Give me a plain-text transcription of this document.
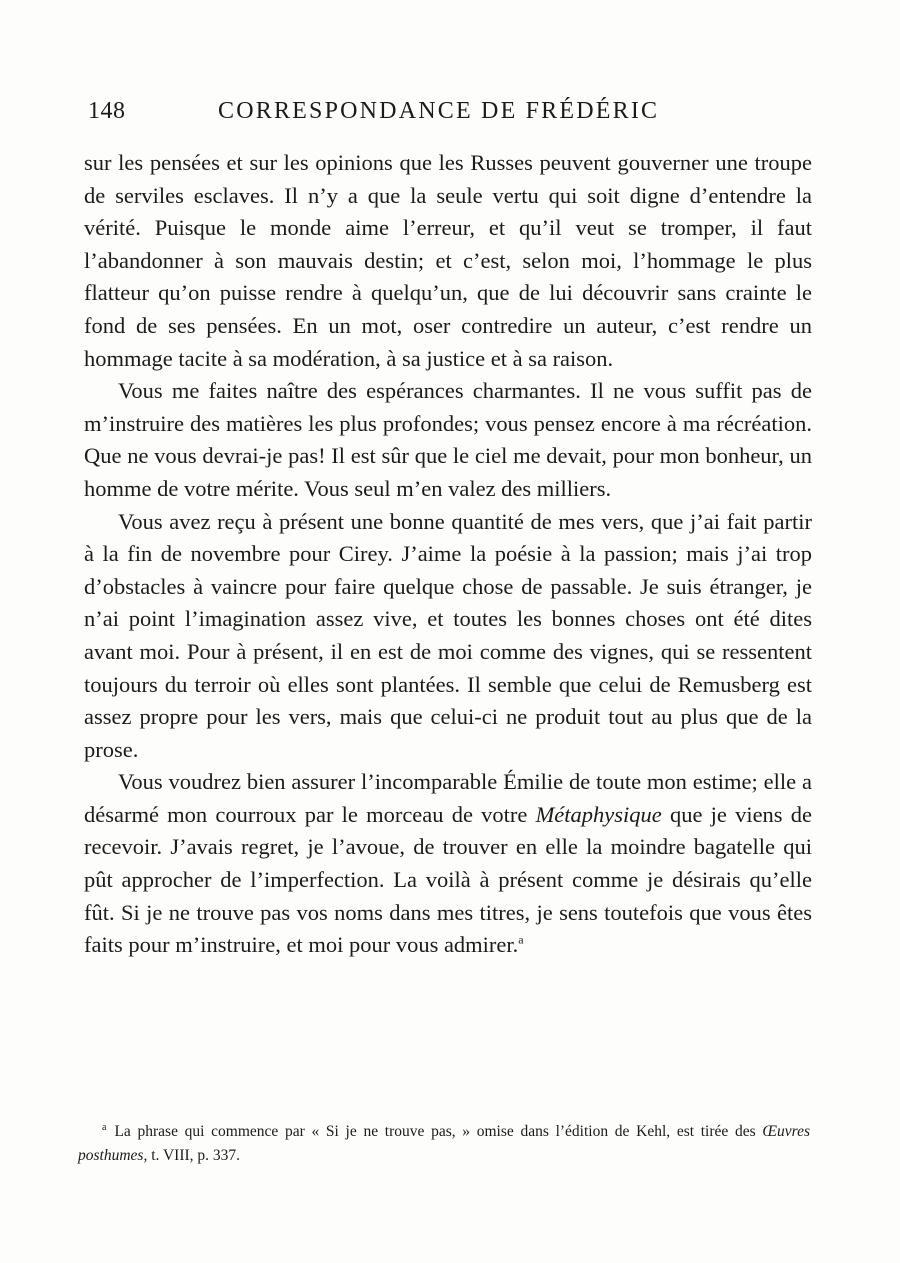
148	CORRESPONDANCE DE FRÉDÉRIC

sur les pensées et sur les opinions que les Russes peuvent gouverner une troupe de serviles esclaves. Il n’y a que la seule vertu qui soit digne d’entendre la vérité. Puisque le monde aime l’erreur, et qu’il veut se tromper, il faut l’abandonner à son mauvais destin; et c’est, selon moi, l’hommage le plus flatteur qu’on puisse rendre à quelqu’un, que de lui découvrir sans crainte le fond de ses pensées. En un mot, oser contredire un auteur, c’est rendre un hommage tacite à sa modération, à sa justice et à sa raison.

Vous me faites naître des espérances charmantes. Il ne vous suffit pas de m’instruire des matières les plus profondes; vous pensez encore à ma récréation. Que ne vous devrai-je pas! Il est sûr que le ciel me devait, pour mon bonheur, un homme de votre mérite. Vous seul m’en valez des milliers.

Vous avez reçu à présent une bonne quantité de mes vers, que j’ai fait partir à la fin de novembre pour Cirey. J’aime la poésie à la passion; mais j’ai trop d’obstacles à vaincre pour faire quelque chose de passable. Je suis étranger, je n’ai point l’imagination assez vive, et toutes les bonnes choses ont été dites avant moi. Pour à présent, il en est de moi comme des vignes, qui se ressentent toujours du terroir où elles sont plantées. Il semble que celui de Remusberg est assez propre pour les vers, mais que celui-ci ne produit tout au plus que de la prose.

Vous voudrez bien assurer l’incomparable Émilie de toute mon estime; elle a désarmé mon courroux par le morceau de votre Métaphysique que je viens de recevoir. J’avais regret, je l’avoue, de trouver en elle la moindre bagatelle qui pût approcher de l’imperfection. La voilà à présent comme je désirais qu’elle fût. Si je ne trouve pas vos noms dans mes titres, je sens toutefois que vous êtes faits pour m’instruire, et moi pour vous admirer.$^a$

$^a$ La phrase qui commence par « Si je ne trouve pas, » omise dans l’édition de Kehl, est tirée des Œuvres posthumes, t. VIII, p. 337.
